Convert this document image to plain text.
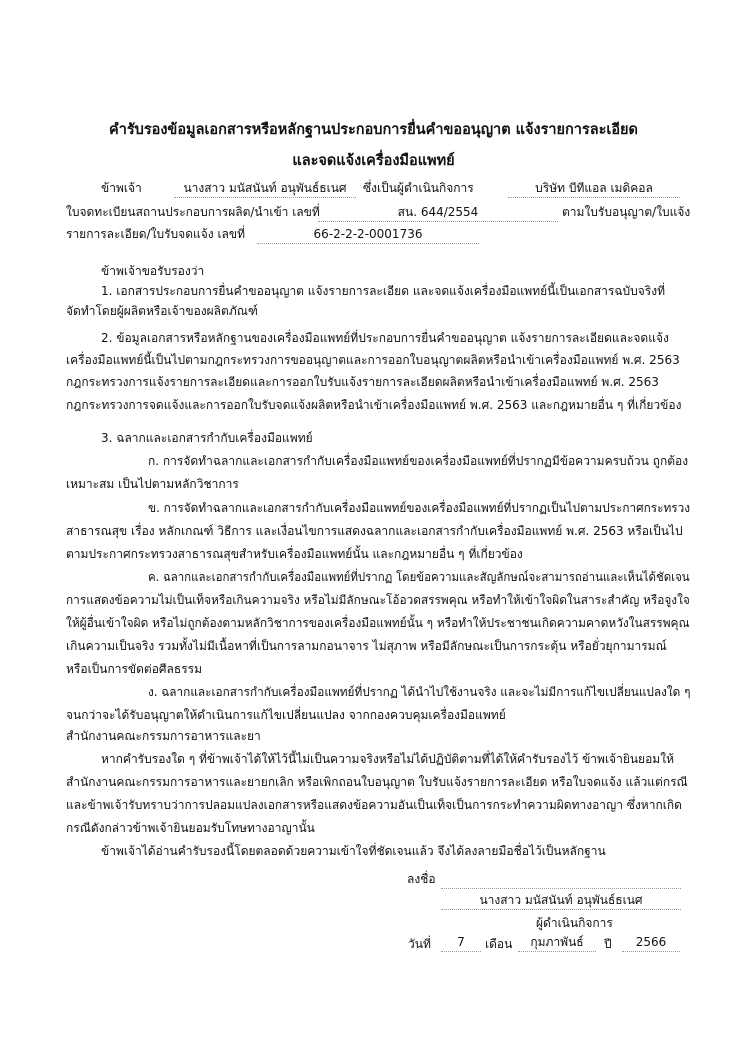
คำรับรองข้อมูลเอกสารหรือหลักฐานประกอบการยื่นคำขออนุญาต แจ้งรายการละเอียด
และจดแจ้งเครื่องมือแพทย์
ข้าพเจ้า	นางสาว มนัสนันท์ อนุพันธ์ธเนศ	ซึ่งเป็นผู้ดำเนินกิจการ	บริษัท บีทีแอล เมดิคอล
ใบจดทะเบียนสถานประกอบการผลิต/นำเข้า เลขที่	สน. 644/2554	ตามใบรับอนุญาต/ใบแจ้ง
รายการละเอียด/ใบรับจดแจ้ง เลขที่	66-2-2-2-0001736
ข้าพเจ้าขอรับรองว่า
1. เอกสารประกอบการยื่นคำขออนุญาต แจ้งรายการละเอียด และจดแจ้งเครื่องมือแพทย์นี้เป็นเอกสารฉบับจริงที่
จัดทำโดยผู้ผลิตหรือเจ้าของผลิตภัณฑ์
2. ข้อมูลเอกสารหรือหลักฐานของเครื่องมือแพทย์ที่ประกอบการยื่นคำขออนุญาต แจ้งรายการละเอียดและจดแจ้ง
เครื่องมือแพทย์นี้เป็นไปตามกฎกระทรวงการขออนุญาตและการออกใบอนุญาตผลิตหรือนำเข้าเครื่องมือแพทย์ พ.ศ. 2563
กฎกระทรวงการแจ้งรายการละเอียดและการออกใบรับแจ้งรายการละเอียดผลิตหรือนำเข้าเครื่องมือแพทย์ พ.ศ. 2563
กฎกระทรวงการจดแจ้งและการออกใบรับจดแจ้งผลิตหรือนำเข้าเครื่องมือแพทย์ พ.ศ. 2563 และกฎหมายอื่น ๆ ที่เกี่ยวข้อง
3. ฉลากและเอกสารกำกับเครื่องมือแพทย์
ก. การจัดทำฉลากและเอกสารกำกับเครื่องมือแพทย์ของเครื่องมือแพทย์ที่ปรากฏมีข้อความครบถ้วน ถูกต้อง
เหมาะสม เป็นไปตามหลักวิชาการ
ข. การจัดทำฉลากและเอกสารกำกับเครื่องมือแพทย์ของเครื่องมือแพทย์ที่ปรากฏเป็นไปตามประกาศกระทรวง
สาธารณสุข เรื่อง หลักเกณฑ์ วิธีการ และเงื่อนไขการแสดงฉลากและเอกสารกำกับเครื่องมือแพทย์ พ.ศ. 2563 หรือเป็นไป
ตามประกาศกระทรวงสาธารณสุขสำหรับเครื่องมือแพทย์นั้น และกฎหมายอื่น ๆ ที่เกี่ยวข้อง
ค. ฉลากและเอกสารกำกับเครื่องมือแพทย์ที่ปรากฏ โดยข้อความและสัญลักษณ์จะสามารถอ่านและเห็นได้ชัดเจน
การแสดงข้อความไม่เป็นเท็จหรือเกินความจริง หรือไม่มีลักษณะโอ้อวดสรรพคุณ หรือทำให้เข้าใจผิดในสาระสำคัญ หรือจูงใจ
ให้ผู้อื่นเข้าใจผิด หรือไม่ถูกต้องตามหลักวิชาการของเครื่องมือแพทย์นั้น ๆ หรือทำให้ประชาชนเกิดความคาดหวังในสรรพคุณ
เกินความเป็นจริง รวมทั้งไม่มีเนื้อหาที่เป็นการลามกอนาจาร ไม่สุภาพ หรือมีลักษณะเป็นการกระตุ้น หรือยั่วยุกามารมณ์
หรือเป็นการขัดต่อศีลธรรม
ง. ฉลากและเอกสารกำกับเครื่องมือแพทย์ที่ปรากฏ ได้นำไปใช้งานจริง และจะไม่มีการแก้ไขเปลี่ยนแปลงใด ๆ
จนกว่าจะได้รับอนุญาตให้ดำเนินการแก้ไขเปลี่ยนแปลง จากกองควบคุมเครื่องมือแพทย์
สำนักงานคณะกรรมการอาหารและยา
หากคำรับรองใด ๆ ที่ข้าพเจ้าได้ให้ไว้นี้ไม่เป็นความจริงหรือไม่ได้ปฏิบัติตามที่ได้ให้คำรับรองไว้ ข้าพเจ้ายินยอมให้
สำนักงานคณะกรรมการอาหารและยายกเลิก หรือเพิกถอนใบอนุญาต ใบรับแจ้งรายการละเอียด หรือใบจดแจ้ง แล้วแต่กรณี
และข้าพเจ้ารับทราบว่าการปลอมแปลงเอกสารหรือแสดงข้อความอันเป็นเท็จเป็นการกระทำความผิดทางอาญา ซึ่งหากเกิด
กรณีดังกล่าวข้าพเจ้ายินยอมรับโทษทางอาญานั้น
ข้าพเจ้าได้อ่านคำรับรองนี้โดยตลอดด้วยความเข้าใจที่ชัดเจนแล้ว จึงได้ลงลายมือชื่อไว้เป็นหลักฐาน
ลงชื่อ
นางสาว มนัสนันท์ อนุพันธ์ธเนศ
ผู้ดำเนินกิจการ
วันที่	7	เดือน	กุมภาพันธ์	ปี	2566
